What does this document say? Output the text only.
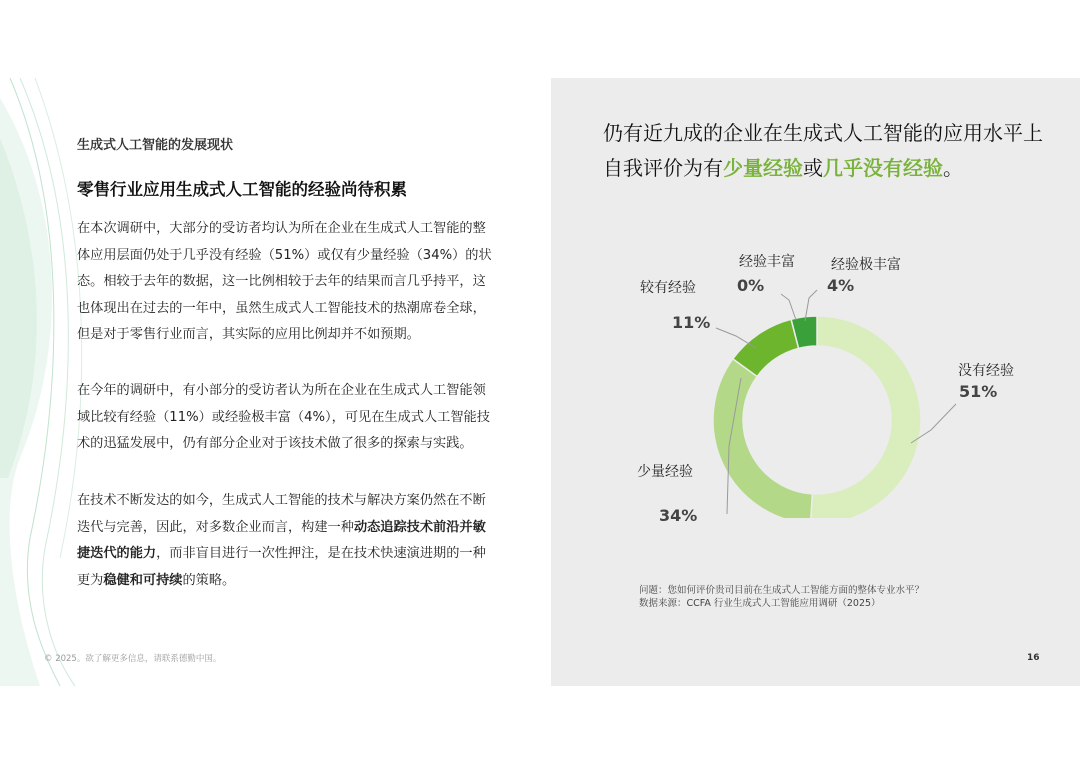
生成式人工智能的发展现状
零售行业应用生成式人工智能的经验尚待积累

在本次调研中，大部分的受访者均认为所在企业在生成式人工智能的整体应用层面仍处于几乎没有经验（51%）或仅有少量经验（34%）的状态。相较于去年的数据，这一比例相较于去年的结果而言几乎持平，这也体现出在过去的一年中，虽然生成式人工智能技术的热潮席卷全球，但是对于零售行业而言，其实际的应用比例却并不如预期。

在今年的调研中，有小部分的受访者认为所在企业在生成式人工智能领域比较有经验（11%）或经验极丰富（4%），可见在生成式人工智能技术的迅猛发展中，仍有部分企业对于该技术做了很多的探索与实践。

在技术不断发达的如今，生成式人工智能的技术与解决方案仍然在不断迭代与完善，因此，对多数企业而言，构建一种动态追踪技术前沿并敏捷迭代的能力，而非盲目进行一次性押注，是在技术快速演进期的一种更为稳健和可持续的策略。

© 2025。欲了解更多信息，请联系德勤中国。
仍有近九成的企业在生成式人工智能的应用水平上自我评价为有少量经验或几乎没有经验。
没有经验
51%
少量经验
34%
较有经验
11%
经验丰富
0%
经验极丰富
4%
问题：您如何评价贵司目前在生成式人工智能方面的整体专业水平？
数据来源：CCFA 行业生成式人工智能应用调研（2025）
16
